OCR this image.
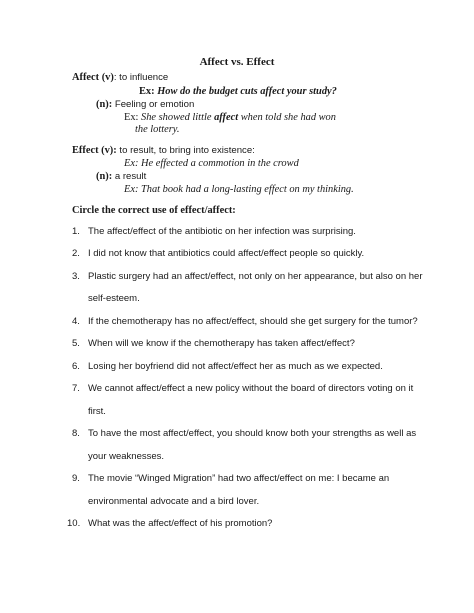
Affect vs. Effect
Affect (v): to influence
Ex: How do the budget cuts affect your study?
(n): Feeling or emotion
Ex: She showed little affect when told she had won
the lottery.
Effect (v): to result, to bring into existence:
Ex: He effected a commotion in the crowd
(n): a result
Ex: That book had a long-lasting effect on my thinking.
Circle the correct use of effect/affect:
1. The affect/effect of the antibiotic on her infection was surprising.
2. I did not know that antibiotics could affect/effect people so quickly.
3. Plastic surgery had an affect/effect, not only on her appearance, but also on her
self-esteem.
4. If the chemotherapy has no affect/effect, should she get surgery for the tumor?
5. When will we know if the chemotherapy has taken affect/effect?
6. Losing her boyfriend did not affect/effect her as much as we expected.
7. We cannot affect/effect a new policy without the board of directors voting on it
first.
8. To have the most affect/effect, you should know both your strengths as well as
your weaknesses.
9. The movie “Winged Migration” had two affect/effect on me: I became an
environmental advocate and a bird lover.
10. What was the affect/effect of his promotion?
